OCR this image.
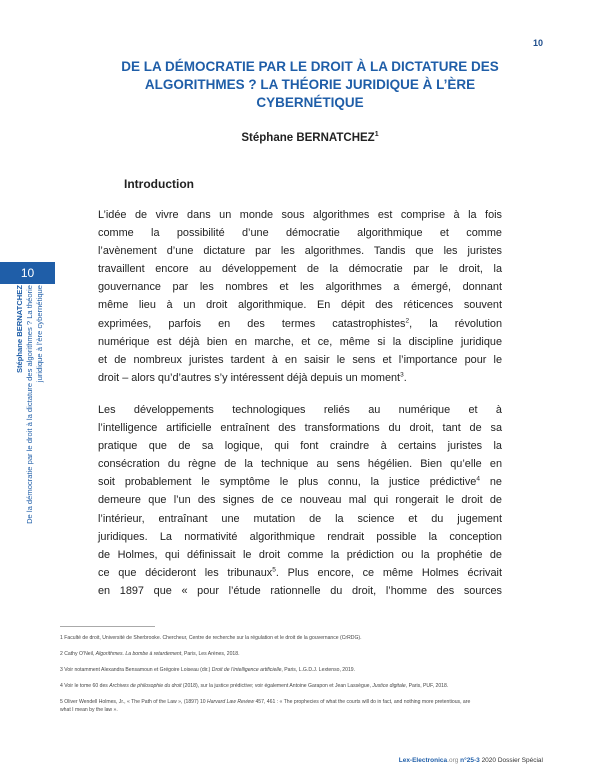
10
DE LA DÉMOCRATIE PAR LE DROIT À LA DICTATURE DES
ALGORITHMES ? LA THÉORIE JURIDIQUE À L’ÈRE
CYBERNÉTIQUE

Stéphane BERNATCHEZ$^1$

Introduction

L’idée de vivre dans un monde sous algorithmes est comprise à la fois
comme la possibilité d’une démocratie algorithmique et comme
l’avènement d’une dictature par les algorithmes. Tandis que les juristes
travaillent encore au développement de la démocratie par le droit, la
gouvernance par les nombres et les algorithmes a émergé, donnant
même lieu à un droit algorithmique. En dépit des réticences souvent
exprimées, parfois en des termes catastrophistes$^2$, la révolution
numérique est déjà bien en marche, et ce, même si la discipline juridique
et de nombreux juristes tardent à en saisir le sens et l’importance pour le
droit – alors qu’d’autres s’y intéressent déjà depuis un moment$^3$.

Les développements technologiques reliés au numérique et à
l’intelligence artificielle entraînent des transformations du droit, tant de sa
pratique que de sa logique, qui font craindre à certains juristes la
consécration du règne de la technique au sens hégélien. Bien qu’elle en
soit probablement le symptôme le plus connu, la justice prédictive$^4$ ne
demeure que l’un des signes de ce nouveau mal qui rongerait le droit de
l’intérieur, entraînant une mutation de la science et du jugement
juridiques. La normativité algorithmique rendrait possible la conception
de Holmes, qui définissait le droit comme la prédiction ou la prophétie de
ce que décideront les tribunaux$^5$. Plus encore, ce même Holmes écrivait
en 1897 que « pour l’étude rationnelle du droit, l’homme des sources

10
Stéphane BERNATCHEZ
De la démocratie par le droit à la dictature des algorithmes ? La théorie
juridique à l’ère cybernétique

1 Faculté de droit, Université de Sherbrooke. Chercheur, Centre de recherche sur la régulation et le droit de la gouvernance (CrRDG).

2 Cathy O’Neil, Algorithmes. La bombe à retardement, Paris, Les Arènes, 2018.

3 Voir notamment Alexandra Bensamoun et Grégoire Loiseau (dir.) Droit de l’intelligence artificielle, Paris, L.G.D.J. Lextenso, 2019.

4 Voir le tome 60 des Archives de philosophie du droit (2018), sur la justice prédictive; voir également Antoine Garapon et Jean Lassègue, Justice digitale, Paris, PUF, 2018.

5 Oliver Wendell Holmes, Jr., « The Path of the Law », (1897) 10 Harvard Law Review 457, 461 : « The prophecies of what the courts will do in fact, and nothing more pretentious, are
what I mean by the law ».

Lex-Electronica.org n°25-3 2020 Dossier Spécial
